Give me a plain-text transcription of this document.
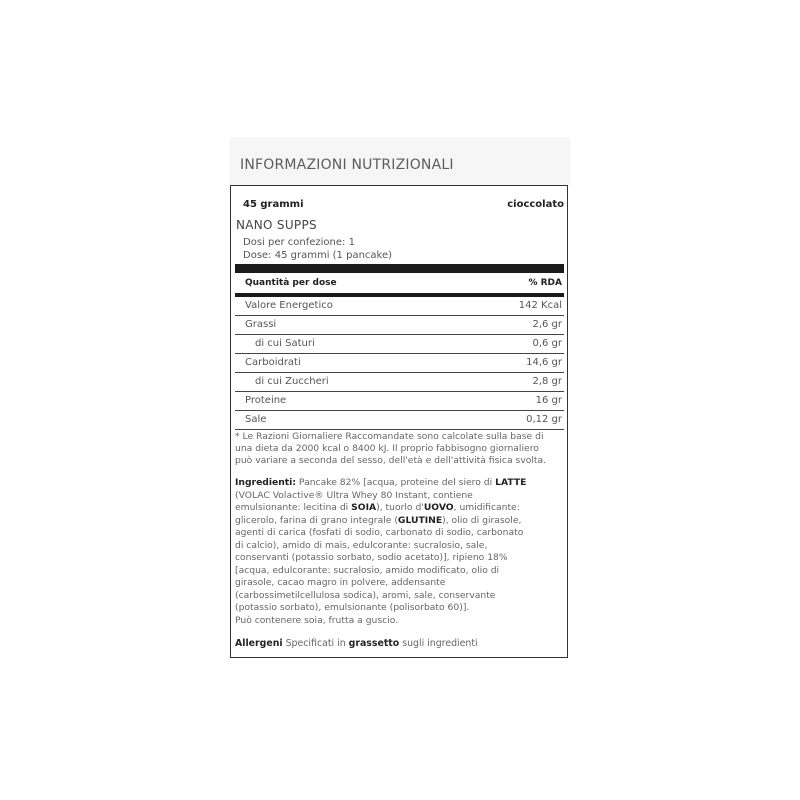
INFORMAZIONI NUTRIZIONALI
45 grammi	cioccolato
NANO SUPPS
Dosi per confezione: 1
Dose: 45 grammi (1 pancake)
Quantità per dose	% RDA
Valore Energetico	142 Kcal
Grassi	2,6 gr
di cui Saturi	0,6 gr
Carboidrati	14,6 gr
di cui Zuccheri	2,8 gr
Proteine	16 gr
Sale	0,12 gr
* Le Razioni Giornaliere Raccomandate sono calcolate sulla base di
una dieta da 2000 kcal o 8400 kJ. Il proprio fabbisogno giornaliero
può variare a seconda del sesso, dell'età e dell'attività fisica svolta.
Ingredienti: Pancake 82% [acqua, proteine del siero di LATTE
(VOLAC Volactive® Ultra Whey 80 Instant, contiene
emulsionante: lecitina di SOIA), tuorlo d'UOVO, umidificante:
glicerolo, farina di grano integrale (GLUTINE), olio di girasole,
agenti di carica (fosfati di sodio, carbonato di sodio, carbonato
di calcio), amido di mais, edulcorante: sucralosio, sale,
conservanti (potassio sorbato, sodio acetato)], ripieno 18%
[acqua, edulcorante: sucralosio, amido modificato, olio di
girasole, cacao magro in polvere, addensante
(carbossimetilcellulosa sodica), aromi, sale, conservante
(potassio sorbato), emulsionante (polisorbato 60)].
Può contenere soia, frutta a guscio.
Allergeni Specificati in grassetto sugli ingredienti
